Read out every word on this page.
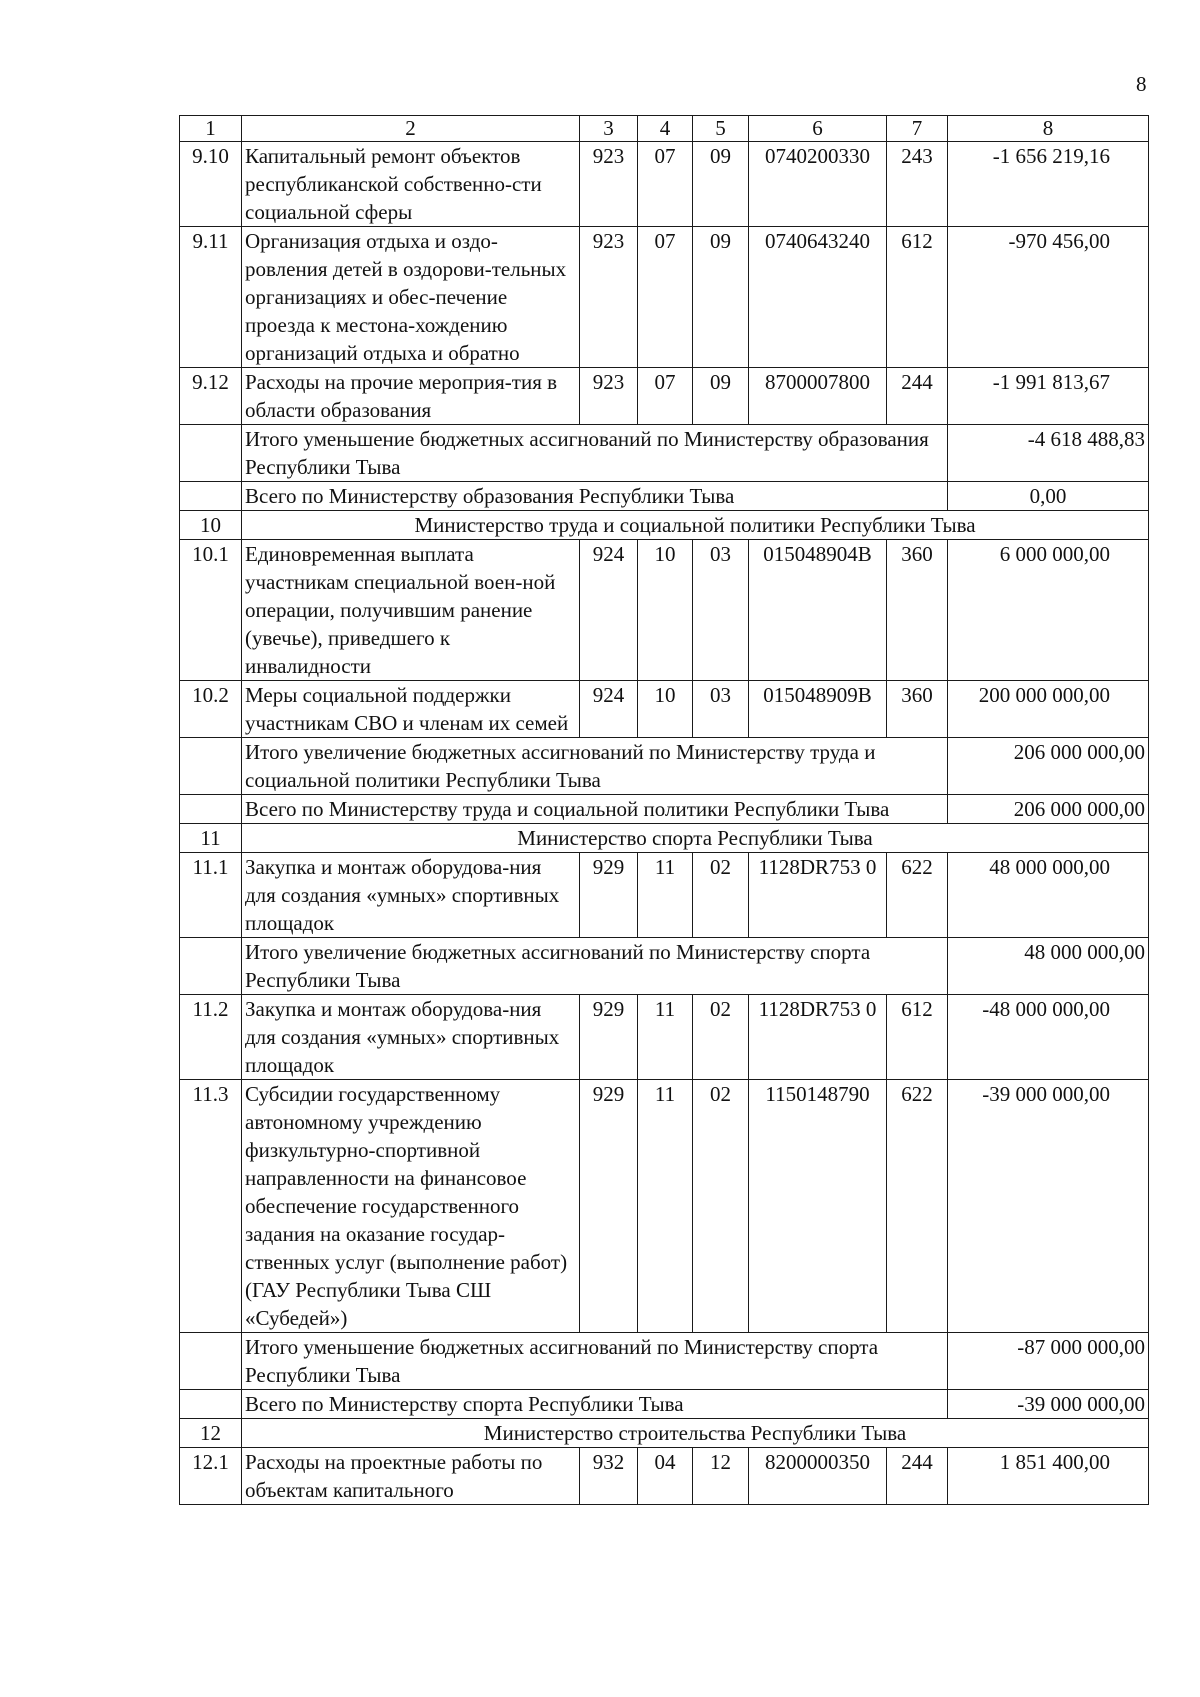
8
1	2	3	4	5	6	7	8
9.10	Капитальный ремонт объектов республиканской собственно-сти социальной сферы	923	07	09	0740200330	243	-1 656 219,16
9.11	Организация отдыха и оздо-ровления детей в оздорови-тельных организациях и обес-печение проезда к местона-хождению организаций отдыха и обратно	923	07	09	0740643240	612	-970 456,00
9.12	Расходы на прочие мероприя-тия в области образования	923	07	09	8700007800	244	-1 991 813,67
	Итого уменьшение бюджетных ассигнований по Министерству образования Республики Тыва						-4 618 488,83
	Всего по Министерству образования Республики Тыва						0,00
10	Министерство труда и социальной политики Республики Тыва						
10.1	Единовременная выплата участникам специальной воен-ной операции, получившим ранение (увечье), приведшего к инвалидности	924	10	03	015048904В	360	6 000 000,00
10.2	Меры социальной поддержки участникам СВО и членам их семей	924	10	03	015048909В	360	200 000 000,00
	Итого увеличение бюджетных ассигнований по Министерству труда и социальной политики Республики Тыва						206 000 000,00
	Всего по Министерству труда и социальной политики Республики Тыва						206 000 000,00
11	Министерство спорта Республики Тыва						
11.1	Закупка и монтаж оборудова-ния для создания «умных» спортивных площадок	929	11	02	1128DR753 0	622	48 000 000,00
	Итого увеличение бюджетных ассигнований по Министерству спорта Республики Тыва						48 000 000,00
11.2	Закупка и монтаж оборудова-ния для создания «умных» спортивных площадок	929	11	02	1128DR753 0	612	-48 000 000,00
11.3	Субсидии государственному автономному учреждению физкультурно-спортивной направленности на финансовое обеспечение государственного задания на оказание государ-ственных услуг (выполнение работ) (ГАУ Республики Тыва СШ «Субедей»)	929	11	02	1150148790	622	-39 000 000,00
	Итого уменьшение бюджетных ассигнований по Министерству спорта Республики Тыва						-87 000 000,00
	Всего по Министерству спорта Республики Тыва						-39 000 000,00
12	Министерство строительства Республики Тыва						
12.1	Расходы на проектные работы по объектам капитального	932	04	12	8200000350	244	1 851 400,00
